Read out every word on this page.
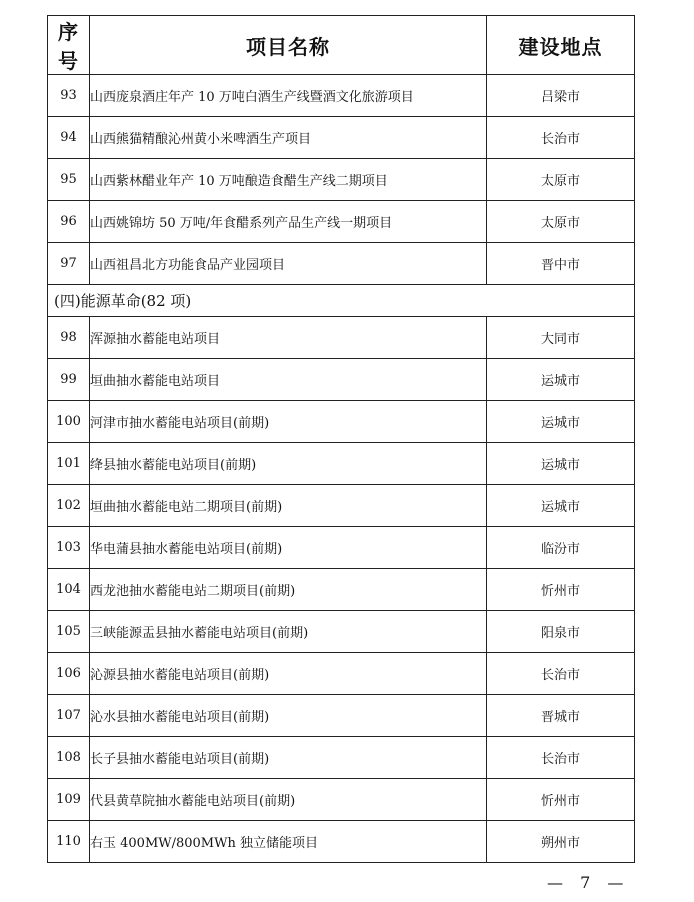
序号	项目名称	建设地点
93	山西庞泉酒庄年产 10 万吨白酒生产线暨酒文化旅游项目	吕梁市
94	山西熊猫精酿沁州黄小米啤酒生产项目	长治市
95	山西紫林醋业年产 10 万吨酿造食醋生产线二期项目	太原市
96	山西姚锦坊 50 万吨/年食醋系列产品生产线一期项目	太原市
97	山西祖昌北方功能食品产业园项目	晋中市
(四)能源革命(82 项)		
98	浑源抽水蓄能电站项目	大同市
99	垣曲抽水蓄能电站项目	运城市
100	河津市抽水蓄能电站项目(前期)	运城市
101	绛县抽水蓄能电站项目(前期)	运城市
102	垣曲抽水蓄能电站二期项目(前期)	运城市
103	华电蒲县抽水蓄能电站项目(前期)	临汾市
104	西龙池抽水蓄能电站二期项目(前期)	忻州市
105	三峡能源盂县抽水蓄能电站项目(前期)	阳泉市
106	沁源县抽水蓄能电站项目(前期)	长治市
107	沁水县抽水蓄能电站项目(前期)	晋城市
108	长子县抽水蓄能电站项目(前期)	长治市
109	代县黄草院抽水蓄能电站项目(前期)	忻州市
110	右玉 400MW/800MWh 独立储能项目	朔州市
— 7 —
